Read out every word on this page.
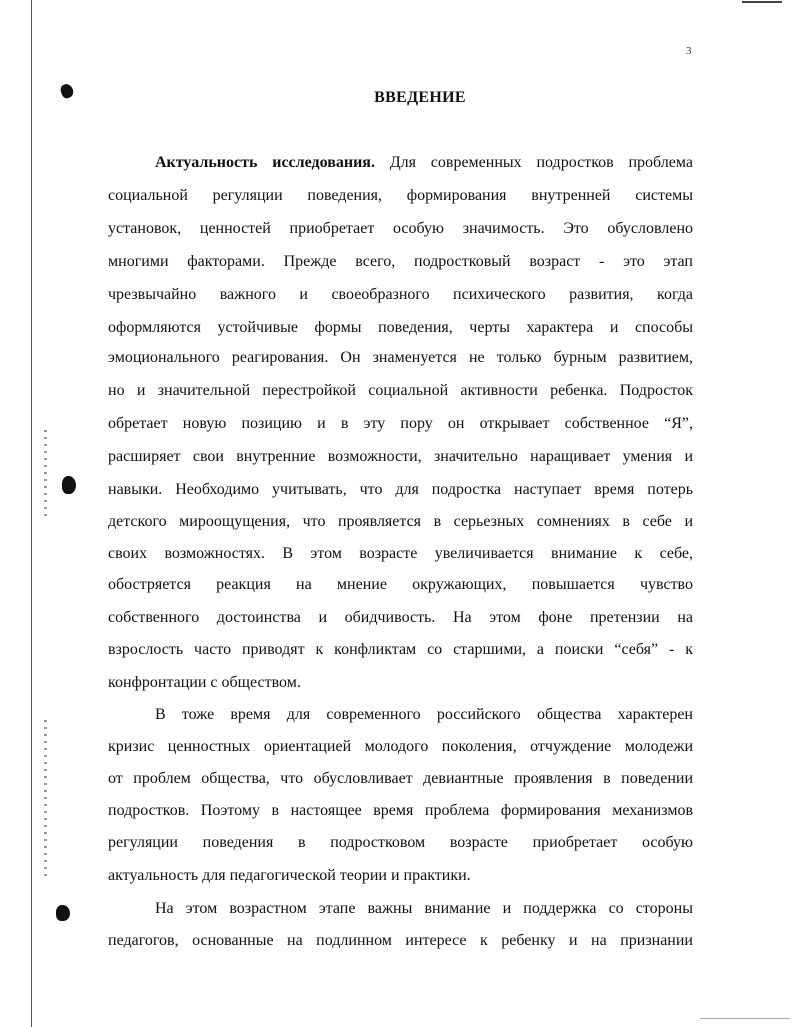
3
ВВЕДЕНИЕ
Актуальность исследования. Для современных подростков проблема
социальной регуляции поведения, формирования внутренней системы
установок, ценностей приобретает особую значимость. Это обусловлено
многими факторами. Прежде всего, подростковый возраст - это этап
чрезвычайно важного и своеобразного психического развития, когда
оформляются устойчивые формы поведения, черты характера и способы
эмоционального реагирования. Он знаменуется не только бурным развитием,
но и значительной перестройкой социальной активности ребенка. Подросток
обретает новую позицию и в эту пору он открывает собственное “Я”,
расширяет свои внутренние возможности, значительно наращивает умения и
навыки. Необходимо учитывать, что для подростка наступает время потерь
детского мироощущения, что проявляется в серьезных сомнениях в себе и
своих возможностях. В этом возрасте увеличивается внимание к себе,
обостряется реакция на мнение окружающих, повышается чувство
собственного достоинства и обидчивость. На этом фоне претензии на
взрослость часто приводят к конфликтам со старшими, а поиски “себя” - к
конфронтации с обществом.
В тоже время для современного российского общества характерен
кризис ценностных ориентацией молодого поколения, отчуждение молодежи
от проблем общества, что обусловливает девиантные проявления в поведении
подростков. Поэтому в настоящее время проблема формирования механизмов
регуляции поведения в подростковом возрасте приобретает особую
актуальность для педагогической теории и практики.
На этом возрастном этапе важны внимание и поддержка со стороны
педагогов, основанные на подлинном интересе к ребенку и на признании
